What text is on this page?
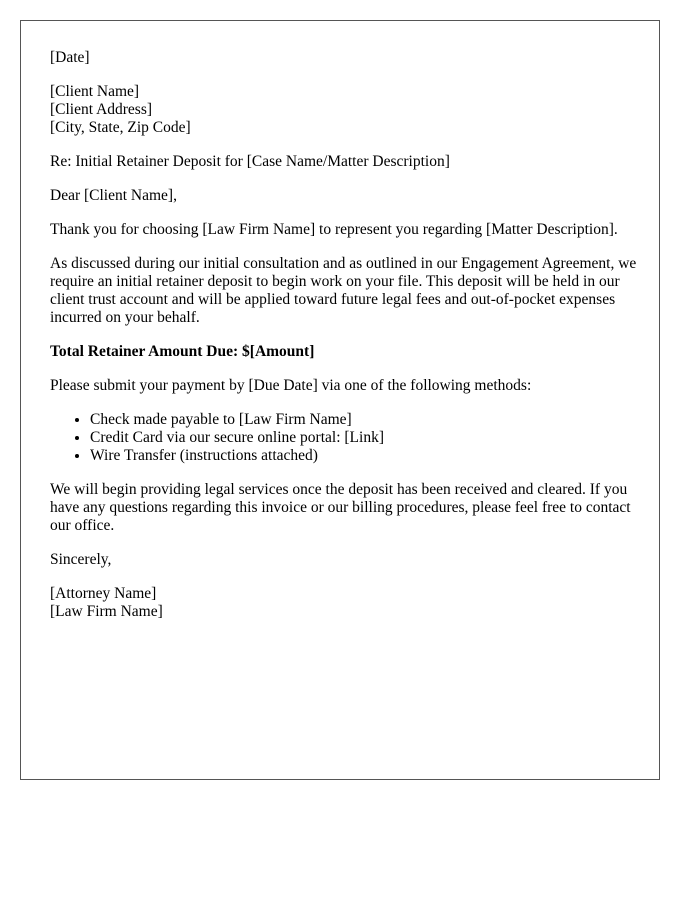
[Date]

[Client Name]
[Client Address]
[City, State, Zip Code]

Re: Initial Retainer Deposit for [Case Name/Matter Description]

Dear [Client Name],

Thank you for choosing [Law Firm Name] to represent you regarding [Matter Description].

As discussed during our initial consultation and as outlined in our Engagement Agreement, we require an initial retainer deposit to begin work on your file. This deposit will be held in our client trust account and will be applied toward future legal fees and out-of-pocket expenses incurred on your behalf.

Total Retainer Amount Due: $[Amount]

Please submit your payment by [Due Date] via one of the following methods:

• Check made payable to [Law Firm Name]
• Credit Card via our secure online portal: [Link]
• Wire Transfer (instructions attached)

We will begin providing legal services once the deposit has been received and cleared. If you have any questions regarding this invoice or our billing procedures, please feel free to contact our office.

Sincerely,

[Attorney Name]
[Law Firm Name]
